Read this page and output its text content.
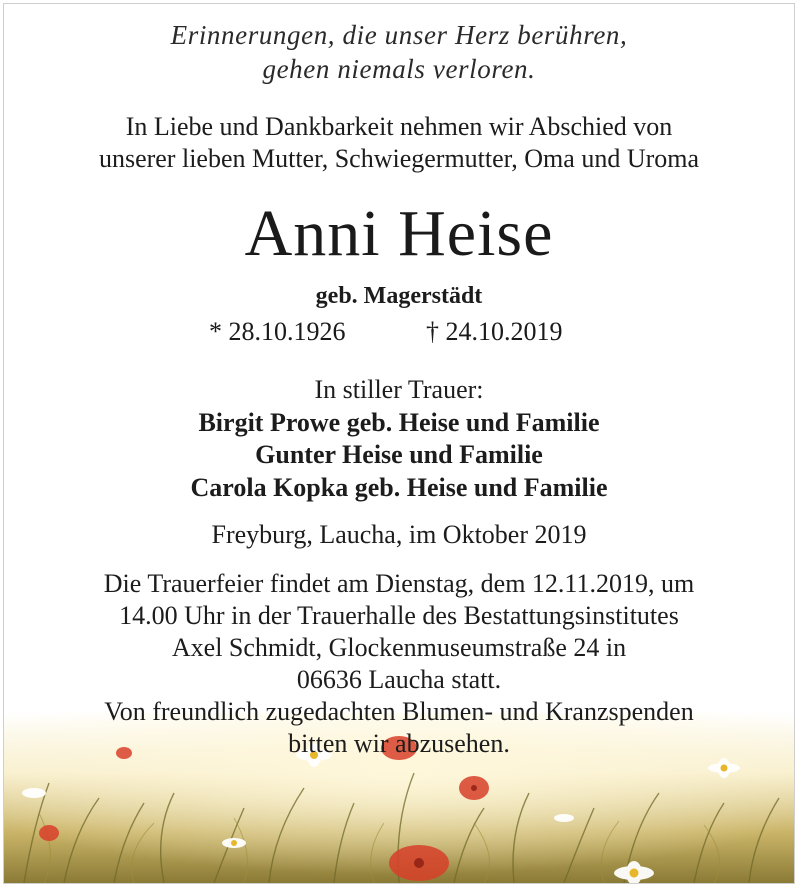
Erinnerungen, die unser Herz berühren,
gehen niemals verloren.
In Liebe und Dankbarkeit nehmen wir Abschied von
unserer lieben Mutter, Schwiegermutter, Oma und Uroma
Anni Heise
geb. Magerstädt
* 28.10.1926	† 24.10.2019
In stiller Trauer:
Birgit Prowe geb. Heise und Familie
Gunter Heise und Familie
Carola Kopka geb. Heise und Familie
Freyburg, Laucha, im Oktober 2019
Die Trauerfeier findet am Dienstag, dem 12.11.2019, um
14.00 Uhr in der Trauerhalle des Bestattungsinstitutes
Axel Schmidt, Glockenmuseumstraße 24 in
06636 Laucha statt.
Von freundlich zugedachten Blumen- und Kranzspenden
bitten wir abzusehen.
